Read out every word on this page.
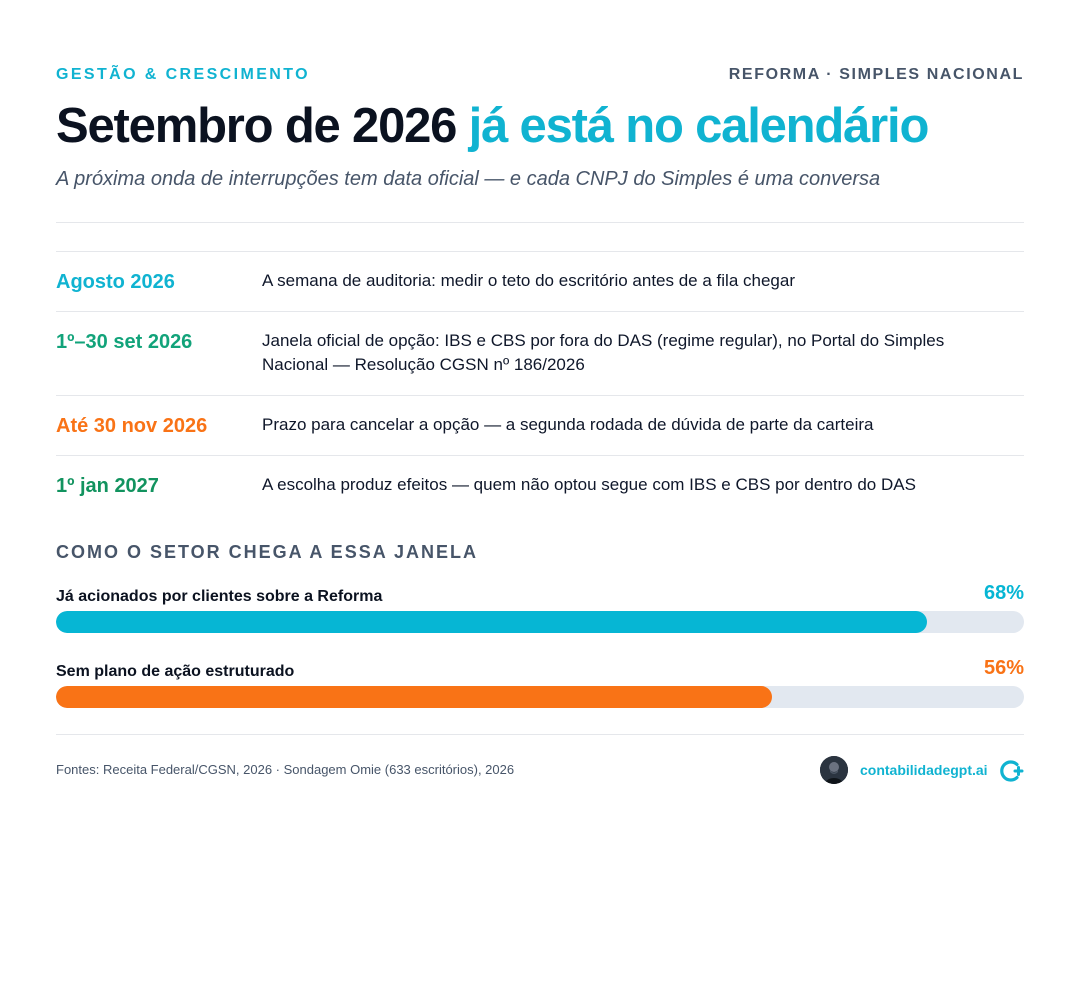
GESTÃO & CRESCIMENTO	REFORMA · SIMPLES NACIONAL
Setembro de 2026 já está no calendário
A próxima onda de interrupções tem data oficial — e cada CNPJ do Simples é uma conversa
Agosto 2026	A semana de auditoria: medir o teto do escritório antes de a fila chegar
1º–30 set 2026	Janela oficial de opção: IBS e CBS por fora do DAS (regime regular), no Portal do Simples Nacional — Resolução CGSN nº 186/2026
Até 30 nov 2026	Prazo para cancelar a opção — a segunda rodada de dúvida de parte da carteira
1º jan 2027	A escolha produz efeitos — quem não optou segue com IBS e CBS por dentro do DAS
COMO O SETOR CHEGA A ESSA JANELA
Já acionados por clientes sobre a Reforma	68%
Sem plano de ação estruturado	56%
Fontes: Receita Federal/CGSN, 2026 · Sondagem Omie (633 escritórios), 2026	contabilidadegpt.ai
